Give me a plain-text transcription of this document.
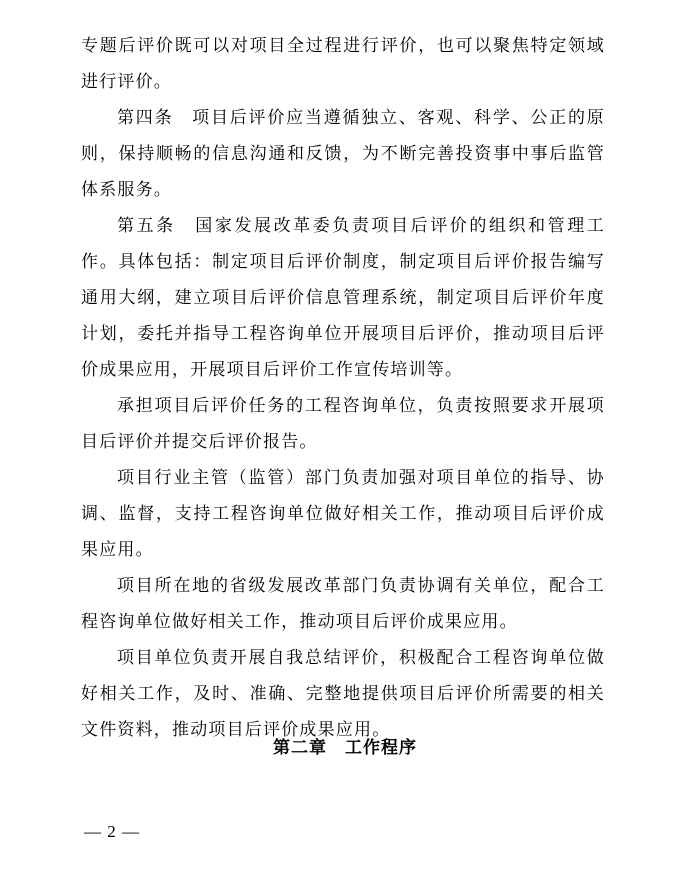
专题后评价既可以对项目全过程进行评价，也可以聚焦特定领域进行评价。

第四条　项目后评价应当遵循独立、客观、科学、公正的原则，保持顺畅的信息沟通和反馈，为不断完善投资事中事后监管体系服务。

第五条　国家发展改革委负责项目后评价的组织和管理工作。具体包括：制定项目后评价制度，制定项目后评价报告编写通用大纲，建立项目后评价信息管理系统，制定项目后评价年度计划，委托并指导工程咨询单位开展项目后评价，推动项目后评价成果应用，开展项目后评价工作宣传培训等。

承担项目后评价任务的工程咨询单位，负责按照要求开展项目后评价并提交后评价报告。

项目行业主管（监管）部门负责加强对项目单位的指导、协调、监督，支持工程咨询单位做好相关工作，推动项目后评价成果应用。

项目所在地的省级发展改革部门负责协调有关单位，配合工程咨询单位做好相关工作，推动项目后评价成果应用。

项目单位负责开展自我总结评价，积极配合工程咨询单位做好相关工作，及时、准确、完整地提供项目后评价所需要的相关文件资料，推动项目后评价成果应用。

第二章　工作程序
— 2 —
